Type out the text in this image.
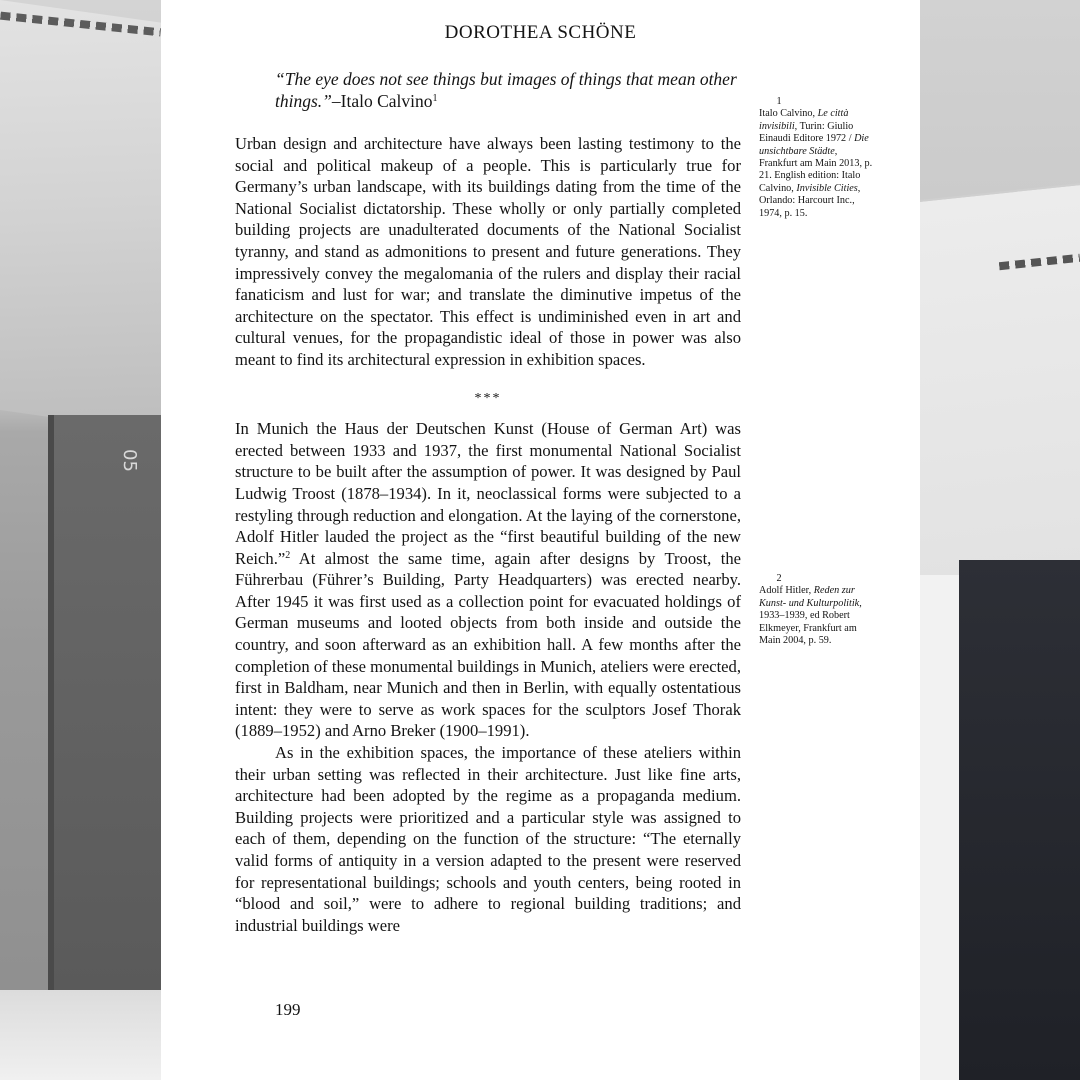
05
DOROTHEA SCHÖNE
“The eye does not see things but images of things that mean other things.”–Italo Calvino$^1$

Urban design and architecture have always been lasting testimony to the social and political makeup of a people. This is particularly true for Germany’s urban landscape, with its buildings dating from the time of the National Socialist dictatorship. These wholly or only partially completed building projects are unadulterated documents of the National Socialist tyranny, and stand as admonitions to present and future generations. They impressively convey the megalomania of the rulers and display their racial fanaticism and lust for war; and translate the diminutive impetus of the architecture on the spectator. This effect is undiminished even in art and cultural venues, for the propagandistic ideal of those in power was also meant to find its architectural expression in exhibition spaces.

***

In Munich the Haus der Deutschen Kunst (House of German Art) was erected between 1933 and 1937, the first monumental National Socialist structure to be built after the assumption of power. It was designed by Paul Ludwig Troost (1878–1934). In it, neoclassical forms were subjected to a restyling through reduction and elongation. At the laying of the cornerstone, Adolf Hitler lauded the project as the “first beautiful building of the new Reich.”$^2$ At almost the same time, again after designs by Troost, the Führerbau (Führer’s Building, Party Headquarters) was erected nearby. After 1945 it was first used as a collection point for evacuated holdings of German museums and looted objects from both inside and outside the country, and soon afterward as an exhibition hall. A few months after the completion of these monumental buildings in Munich, ateliers were erected, first in Baldham, near Munich and then in Berlin, with equally ostentatious intent: they were to serve as work spaces for the sculptors Josef Thorak (1889–1952) and Arno Breker (1900–1991).

As in the exhibition spaces, the importance of these ateliers within their urban setting was reflected in their architecture. Just like fine arts, architecture had been adopted by the regime as a propaganda medium. Building projects were prioritized and a particular style was assigned to each of them, depending on the function of the structure: “The eternally valid forms of antiquity in a version adapted to the present were reserved for representational buildings; schools and youth centers, being rooted in “blood and soil,” were to adhere to regional building traditions; and industrial buildings were

1
Italo Calvino, Le città invisibili, Turin: Giulio Einaudi Editore 1972 / Die unsichtbare Städte, Frankfurt am Main 2013, p. 21. English edition: Italo Calvino, Invisible Cities, Orlando: Harcourt Inc., 1974, p. 15.
2
Adolf Hitler, Reden zur Kunst- und Kulturpolitik, 1933–1939, ed Robert Elkmeyer, Frankfurt am Main 2004, p. 59.
199
